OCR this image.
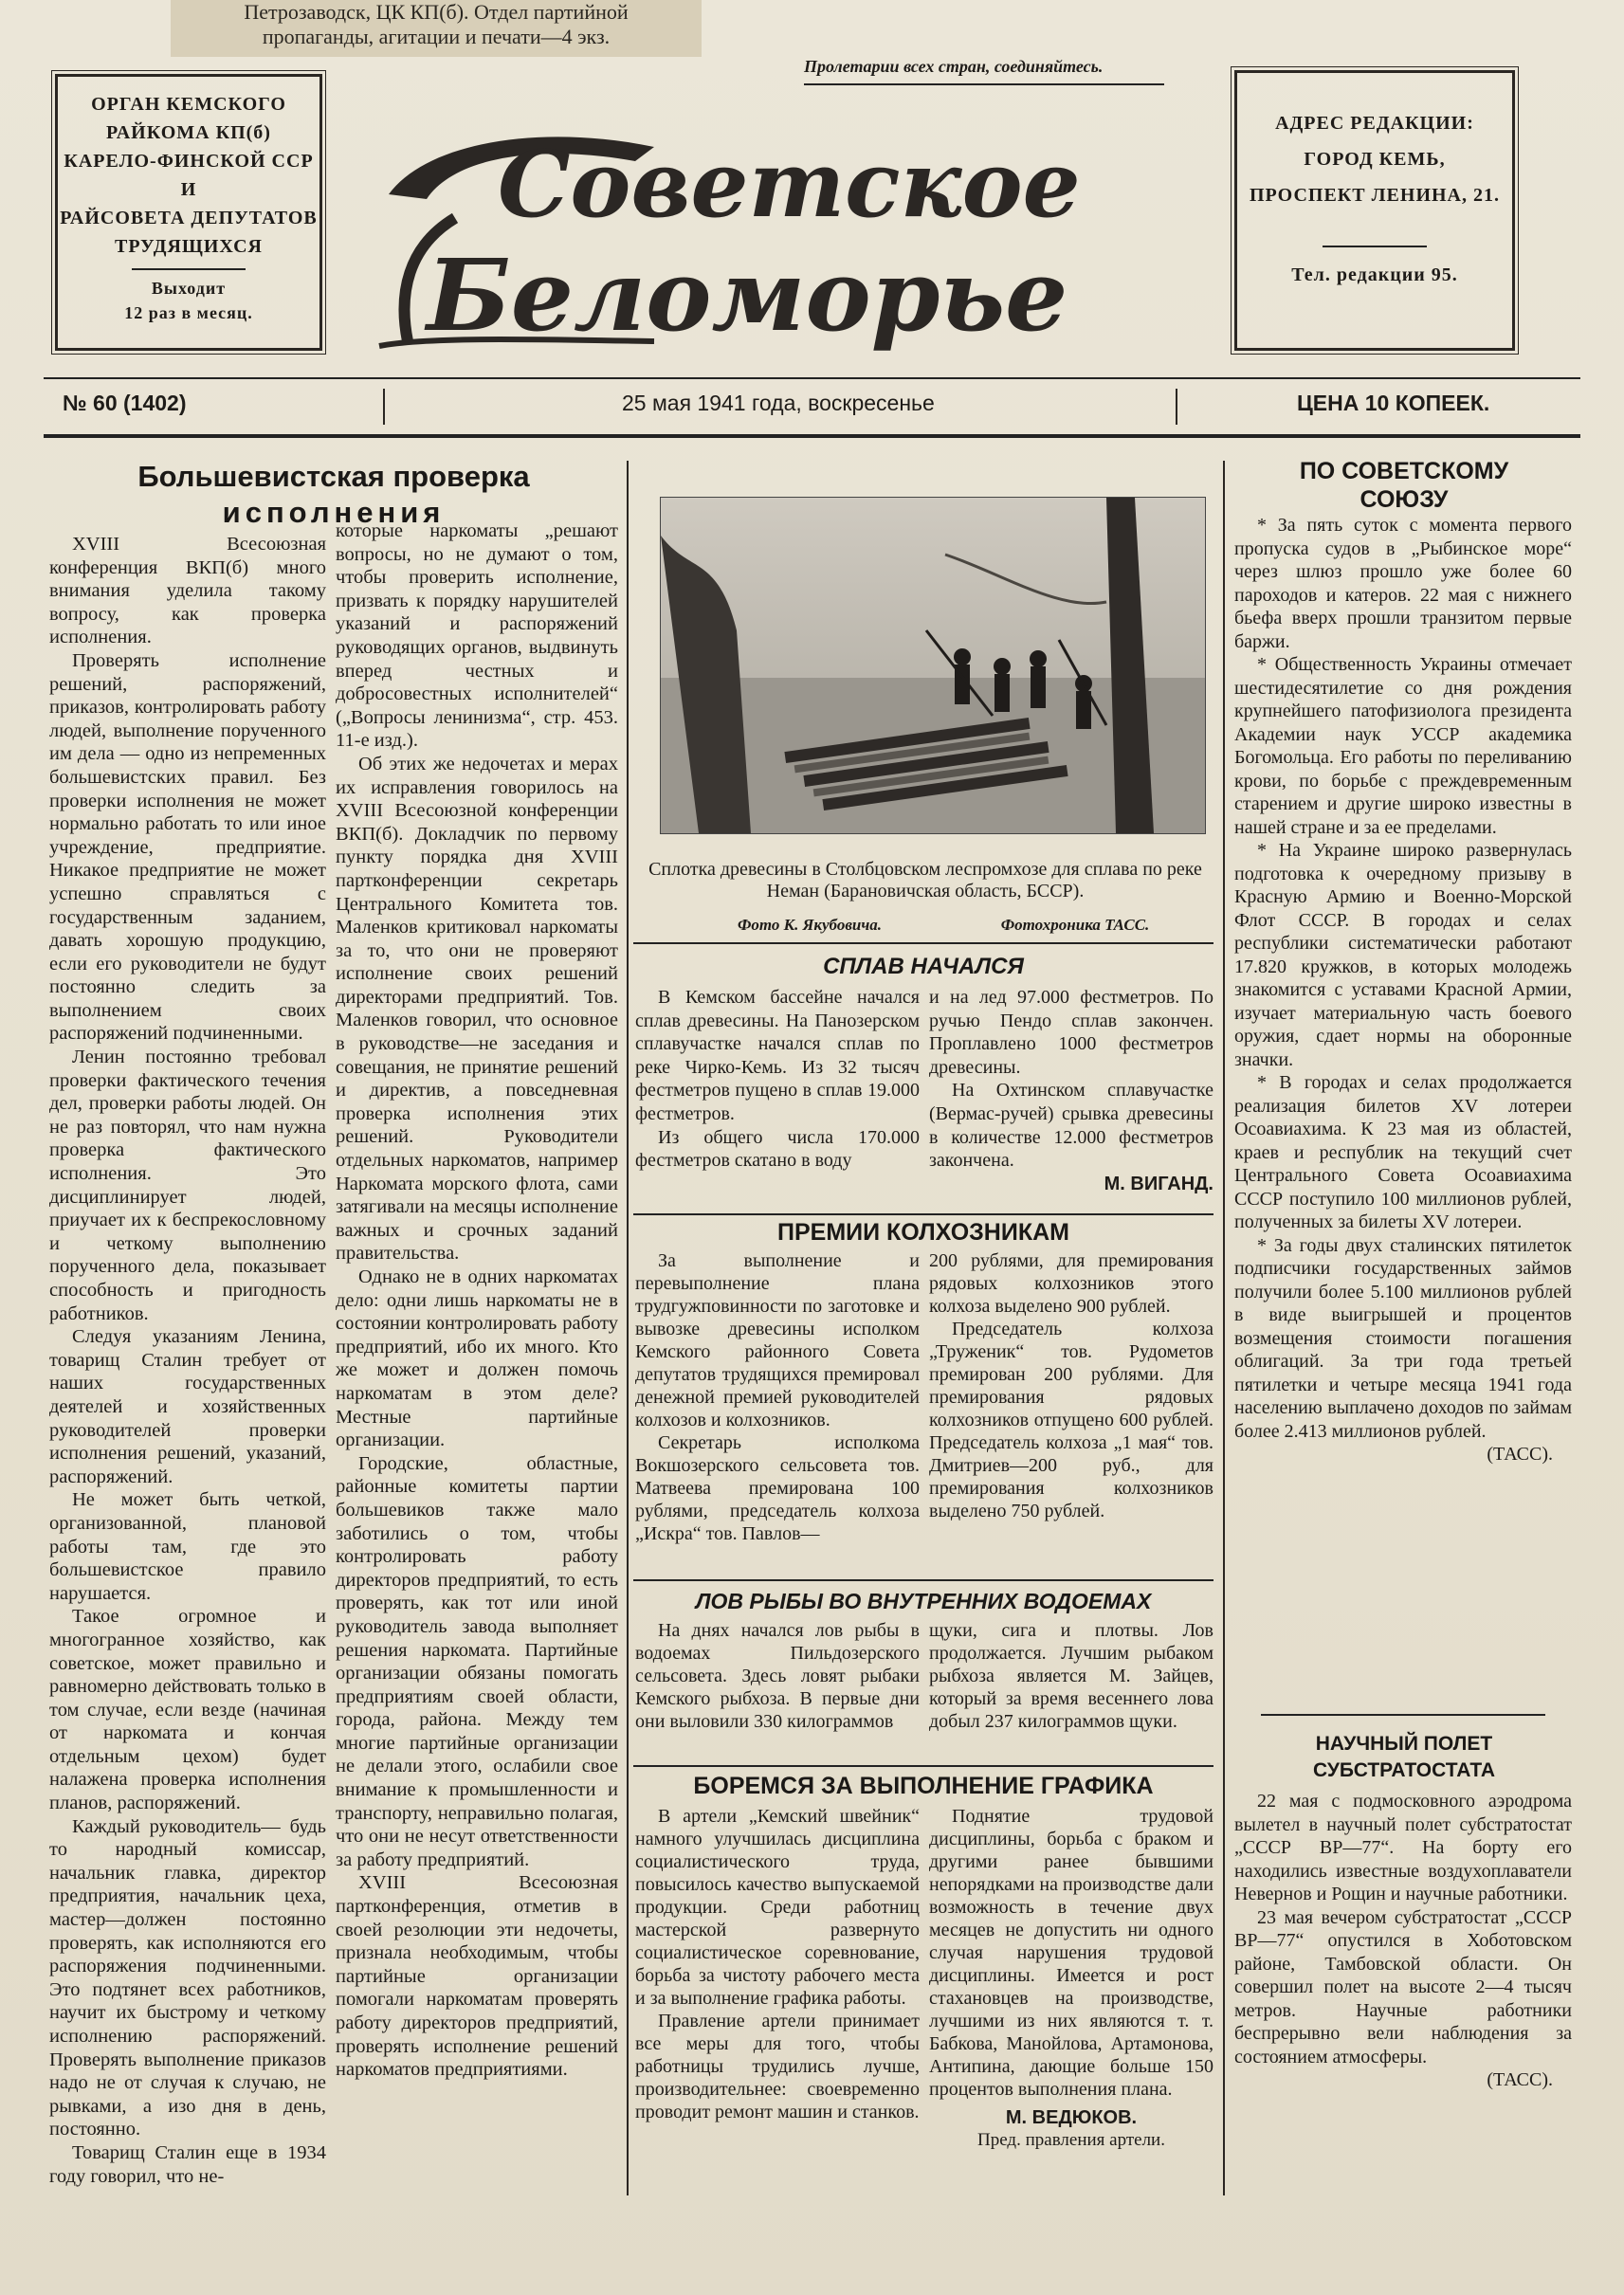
Петрозаводск, ЦК КП(б). Отдел партийной

пропаганды, агитации и печати—4 экз.

Пролетарии всех стран, соединяйтесь.
ОРГАН КЕМСКОГО
РАЙКОМА КП(б)
КАРЕЛО-ФИНСКОЙ ССР
И
РАЙСОВЕТА ДЕПУТАТОВ
ТРУДЯЩИХСЯ
Выходит
12 раз в месяц.
Советское
Беломорье
АДРЕС РЕДАКЦИИ:
ГОРОД КЕМЬ,
ПРОСПЕКТ ЛЕНИНА, 21.
Тел. редакции 95.
№ 60 (1402)	25 мая 1941 года, воскресенье	ЦЕНА 10 КОПЕЕК.
Большевистская проверка
исполнения

XVIII Всесоюзная конференция ВКП(б) много внимания уделила такому вопросу, как проверка исполнения.

Проверять исполнение решений, распоряжений, приказов, контролировать работу людей, выполнение порученного им дела — одно из непременных большевистских правил. Без проверки исполнения не может нормально работать то или иное учреждение, предприятие. Никакое предприятие не может успешно справляться с государственным заданием, давать хорошую продукцию, если его руководители не будут постоянно следить за выполнением своих распоряжений подчиненными.

Ленин постоянно требовал проверки фактического течения дел, проверки работы людей. Он не раз повторял, что нам нужна проверка фактического исполнения. Это дисциплинирует людей, приучает их к беспрекословному и четкому выполнению порученного дела, показывает способность и пригодность работников.

Следуя указаниям Ленина, товарищ Сталин требует от наших государственных деятелей и хозяйственных руководителей проверки исполнения решений, указаний, распоряжений.

Не может быть четкой, организованной, плановой работы там, где это большевистское правило нарушается.

Такое огромное и многогранное хозяйство, как советское, может правильно и равномерно действовать только в том случае, если везде (начиная от наркомата и кончая отдельным цехом) будет налажена проверка исполнения планов, распоряжений.

Каждый руководитель— будь то народный комиссар, начальник главка, директор предприятия, начальник цеха, мастер—должен постоянно проверять, как исполняются его распоряжения подчиненными. Это подтянет всех работников, научит их быстрому и четкому исполнению распоряжений. Проверять выполнение приказов надо не от случая к случаю, не рывками, а изо дня в день, постоянно.

Товарищ Сталин еще в 1934 году говорил, что не-

которые наркоматы „решают вопросы, но не думают о том, чтобы проверить исполнение, призвать к порядку нарушителей указаний и распоряжений руководящих органов, выдвинуть вперед честных и добросовестных исполнителей“ („Вопросы ленинизма“, стр. 453. 11-е изд.).

Об этих же недочетах и мерах их исправления говорилось на XVIII Всесоюзной конференции ВКП(б). Докладчик по первому пункту порядка дня XVIII партконференции секретарь Центрального Комитета тов. Маленков критиковал наркоматы за то, что они не проверяют исполнение своих решений директорами предприятий. Тов. Маленков говорил, что основное в руководстве—не заседания и совещания, не принятие решений и директив, а повседневная проверка исполнения этих решений. Руководители отдельных наркоматов, например Наркомата морского флота, сами затягивали на месяцы исполнение важных и срочных заданий правительства.

Однако не в одних наркоматах дело: одни лишь наркоматы не в состоянии контролировать работу предприятий, ибо их много. Кто же может и должен помочь наркоматам в этом деле? Местные партийные организации.

Городские, областные, районные комитеты партии большевиков также мало заботились о том, чтобы контролировать работу директоров предприятий, то есть проверять, как тот или иной руководитель завода выполняет решения наркомата. Партийные организации обязаны помогать предприятиям своей области, города, района. Между тем многие партийные организации не делали этого, ослабили свое внимание к промышленности и транспорту, неправильно полагая, что они не несут ответственности за работу предприятий.

XVIII Всесоюзная партконференция, отметив в своей резолюции эти недочеты, признала необходимым, чтобы партийные организации помогали наркоматам проверять работу директоров предприятий, проверять исполнение решений наркоматов предприятиями.

Сплотка древесины в Столбцовском леспромхозе для сплава по реке Неман (Барановичская область, БССР).
Фото К. Якубовича.	Фотохроника ТАСС.
СПЛАВ НАЧАЛСЯ

В Кемском бассейне начался сплав древесины. На Панозерском сплавучастке начался сплав по реке Чирко-Кемь. Из 32 тысяч фестметров пущено в сплав 19.000 фестметров.

Из общего числа 170.000 фестметров скатано в воду

и на лед 97.000 фестметров. По ручью Пендо сплав закончен. Проплавлено 1000 фестметров древесины.

На Охтинском сплавучастке (Вермас-ручей) срывка древесины в количестве 12.000 фестметров закончена.

М. ВИГАНД.
ПРЕМИИ КОЛХОЗНИКАМ

За выполнение и перевыполнение плана трудгужповинности по заготовке и вывозке древесины исполком Кемского районного Совета депутатов трудящихся премировал денежной премией руководителей колхозов и колхозников.

Секретарь исполкома Вокшозерского сельсовета тов. Матвеева премирована 100 рублями, председатель колхоза „Искра“ тов. Павлов—

200 рублями, для премирования рядовых колхозников этого колхоза выделено 900 рублей.

Председатель колхоза „Труженик“ тов. Рудометов премирован 200 рублями. Для премирования рядовых колхозников отпущено 600 рублей. Председатель колхоза „1 мая“ тов. Дмитриев—200 руб., для премирования колхозников выделено 750 рублей.

ЛОВ РЫБЫ ВО ВНУТРЕННИХ ВОДОЕМАХ

На днях начался лов рыбы в водоемах Пильдозерского сельсовета. Здесь ловят рыбаки Кемского рыбхоза. В первые дни они выловили 330 килограммов

щуки, сига и плотвы. Лов продолжается. Лучшим рыбаком рыбхоза является М. Зайцев, который за время весеннего лова добыл 237 килограммов щуки.

БОРЕМСЯ ЗА ВЫПОЛНЕНИЕ ГРАФИКА

В артели „Кемский швейник“ намного улучшилась дисциплина социалистического труда, повысилось качество выпускаемой продукции. Среди работниц мастерской развернуто социалистическое соревнование, борьба за чистоту рабочего места и за выполнение графика работы.

Правление артели принимает все меры для того, чтобы работницы трудились лучше, производительнее: своевременно проводит ремонт машин и станков.

Поднятие трудовой дисциплины, борьба с браком и другими ранее бывшими непорядками на производстве дали возможность в течение двух месяцев не допустить ни одного случая нарушения трудовой дисциплины. Имеется и рост стахановцев на производстве, лучшими из них являются т. т. Бабкова, Манойлова, Артамонова, Антипина, дающие больше 150 процентов выполнения плана.

М. ВЕДЮКОВ.
Пред. правления артели.
ПО СОВЕТСКОМУ
СОЮЗУ

* За пять суток с момента первого пропуска судов в „Рыбинское море“ через шлюз прошло уже более 60 пароходов и катеров. 22 мая с нижнего бьефа вверх прошли транзитом первые баржи.

* Общественность Украины отмечает шестидесятилетие со дня рождения крупнейшего патофизиолога президента Академии наук УССР академика Богомольца. Его работы по переливанию крови, по борьбе с преждевременным старением и другие широко известны в нашей стране и за ее пределами.

* На Украине широко развернулась подготовка к очередному призыву в Красную Армию и Военно-Морской Флот СССР. В городах и селах республики систематически работают 17.820 кружков, в которых молодежь знакомится с уставами Красной Армии, изучает материальную часть боевого оружия, сдает нормы на оборонные значки.

* В городах и селах продолжается реализация билетов XV лотереи Осоавиахима. К 23 мая из областей, краев и республик на текущий счет Центрального Совета Осоавиахима СССР поступило 100 миллионов рублей, полученных за билеты XV лотереи.

* За годы двух сталинских пятилеток подписчики государственных займов получили более 5.100 миллионов рублей в виде выигрышей и процентов возмещения стоимости погашения облигаций. За три года третьей пятилетки и четыре месяца 1941 года населению выплачено доходов по займам более 2.413 миллионов рублей.

(ТАСС).
НАУЧНЫЙ ПОЛЕТ
СУБСТРАТОСТАТА

22 мая с подмосковного аэродрома вылетел в научный полет субстратостат „СССР ВР—77“. На борту его находились известные воздухоплаватели Невернов и Рощин и научные работники.

23 мая вечером субстратостат „СССР ВР—77“ опустился в Хоботовском районе, Тамбовской области. Он совершил полет на высоте 2—4 тысяч метров. Научные работники беспрерывно вели наблюдения за состоянием атмосферы.

(ТАСС).
